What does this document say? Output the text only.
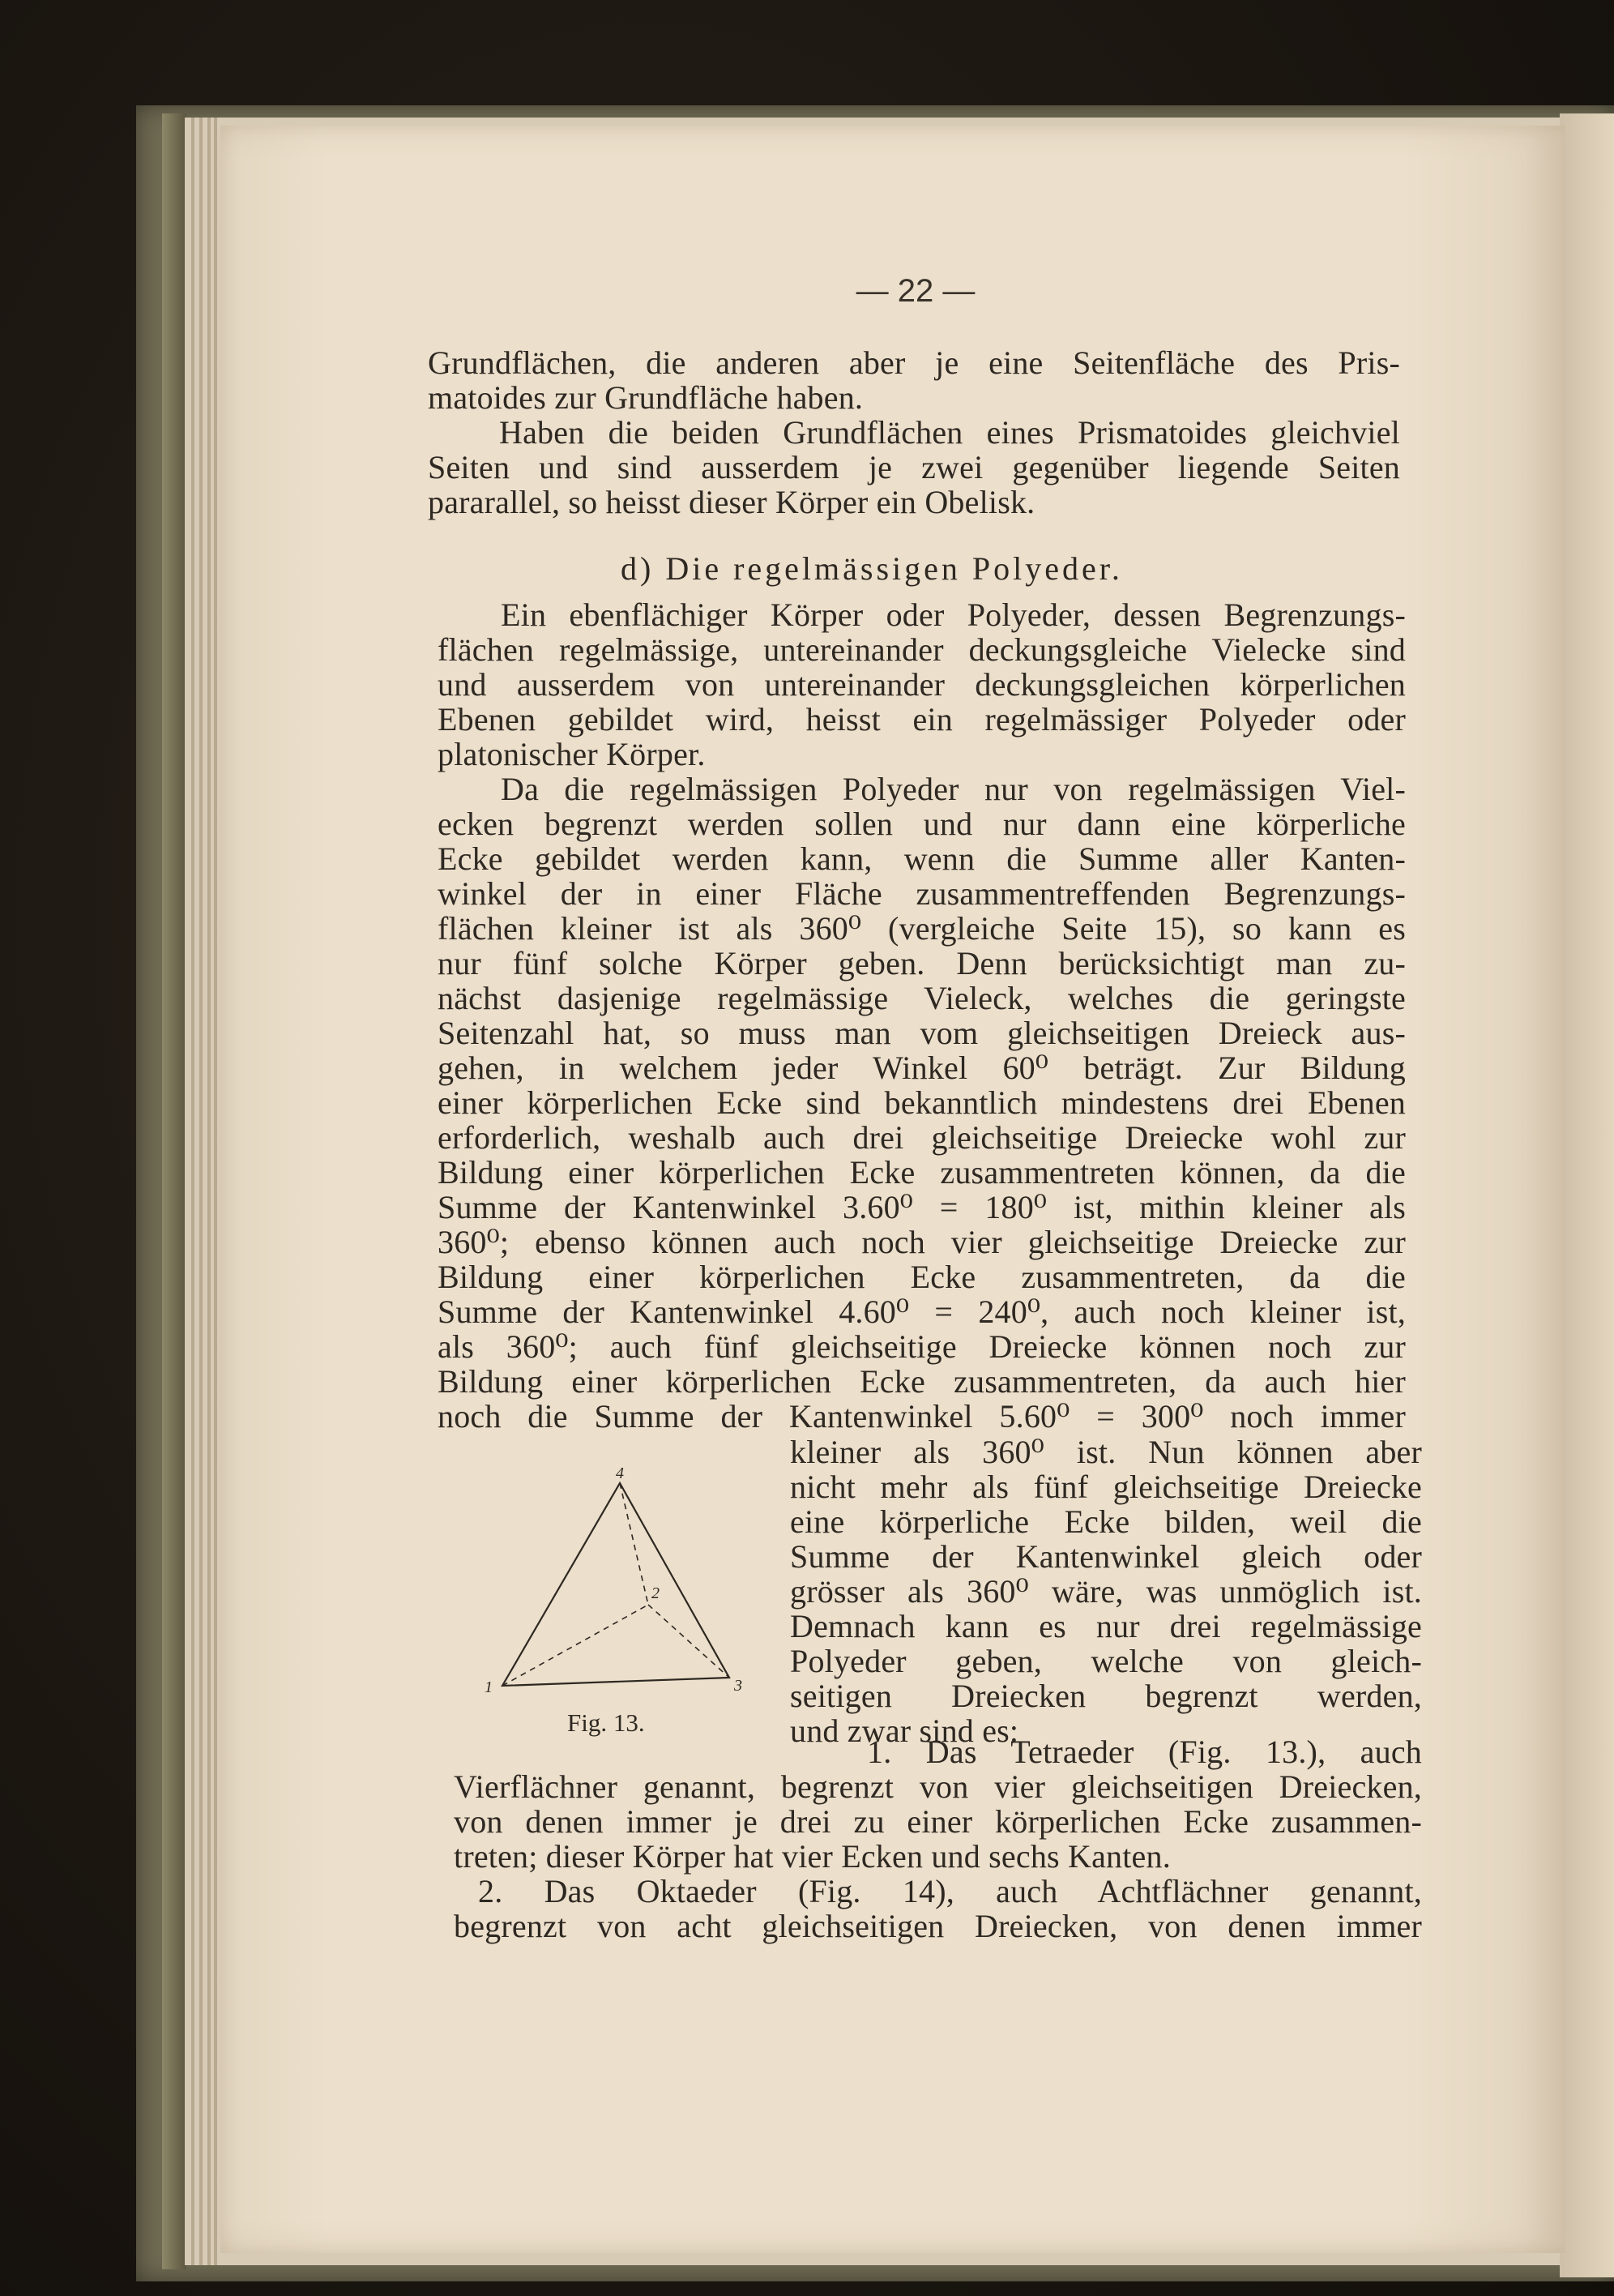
— 22 —
Grundflächen, die anderen aber je eine Seitenfläche des Pris-
matoides zur Grundfläche haben.
Haben die beiden Grundflächen eines Prismatoides gleichviel
Seiten und sind ausserdem je zwei gegenüber liegende Seiten
pararallel, so heisst dieser Körper ein Obelisk.
d) Die regelmässigen Polyeder.
Ein ebenflächiger Körper oder Polyeder, dessen Begrenzungs-
flächen regelmässige, untereinander deckungsgleiche Vielecke sind
und ausserdem von untereinander deckungsgleichen körperlichen
Ebenen gebildet wird, heisst ein regelmässiger Polyeder oder
platonischer Körper.
Da die regelmässigen Polyeder nur von regelmässigen Viel-
ecken begrenzt werden sollen und nur dann eine körperliche
Ecke gebildet werden kann, wenn die Summe aller Kanten-
winkel der in einer Fläche zusammentreffenden Begrenzungs-
flächen kleiner ist als 360⁰ (vergleiche Seite 15), so kann es
nur fünf solche Körper geben. Denn berücksichtigt man zu-
nächst dasjenige regelmässige Vieleck, welches die geringste
Seitenzahl hat, so muss man vom gleichseitigen Dreieck aus-
gehen, in welchem jeder Winkel 60⁰ beträgt. Zur Bildung
einer körperlichen Ecke sind bekanntlich mindestens drei Ebenen
erforderlich, weshalb auch drei gleichseitige Dreiecke wohl zur
Bildung einer körperlichen Ecke zusammentreten können, da die
Summe der Kantenwinkel 3.60⁰ = 180⁰ ist, mithin kleiner als
360⁰; ebenso können auch noch vier gleichseitige Dreiecke zur
Bildung einer körperlichen Ecke zusammentreten, da die
Summe der Kantenwinkel 4.60⁰ = 240⁰, auch noch kleiner ist,
als 360⁰; auch fünf gleichseitige Dreiecke können noch zur
Bildung einer körperlichen Ecke zusammentreten, da auch hier
noch die Summe der Kantenwinkel 5.60⁰ = 300⁰ noch immer
kleiner als 360⁰ ist. Nun können aber
nicht mehr als fünf gleichseitige Dreiecke
eine körperliche Ecke bilden, weil die
Summe der Kantenwinkel gleich oder
grösser als 360⁰ wäre, was unmöglich ist.
Demnach kann es nur drei regelmässige
Polyeder geben, welche von gleich-
seitigen Dreiecken begrenzt werden,
und zwar sind es:
1
2
3
4
Fig. 13.
1. Das Tetraeder (Fig. 13.), auch
Vierflächner genannt, begrenzt von vier gleichseitigen Dreiecken,
von denen immer je drei zu einer körperlichen Ecke zusammen-
treten; dieser Körper hat vier Ecken und sechs Kanten.
2. Das Oktaeder (Fig. 14), auch Achtflächner genannt,
begrenzt von acht gleichseitigen Dreiecken, von denen immer
